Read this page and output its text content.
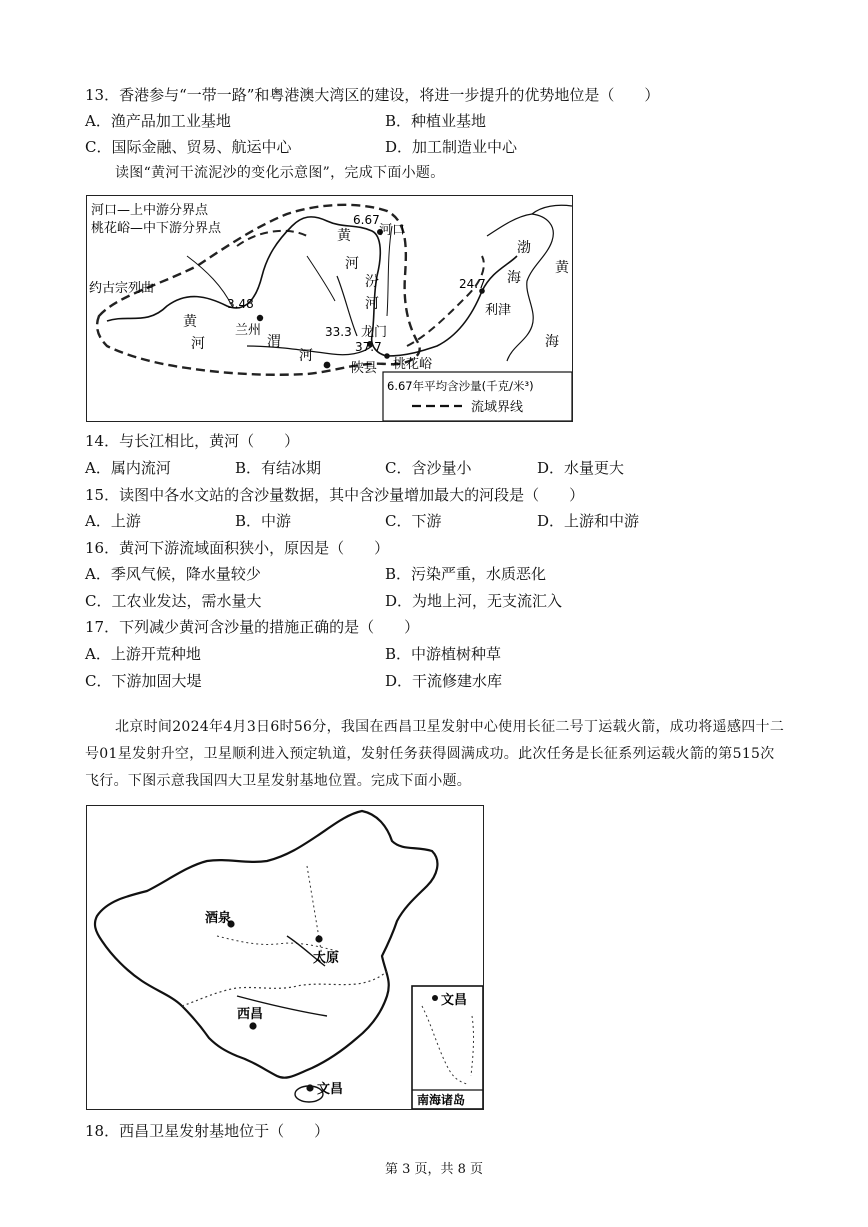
13．香港参与“一带一路”和粤港澳大湾区的建设，将进一步提升的优势地位是（　　）
A．渔产品加工业基地	B．种植业基地
C．国际金融、贸易、航运中心	D．加工制造业中心
读图“黄河干流泥沙的变化示意图”，完成下面小题。
河口—上中游分界点
桃花峪—中下游分界点
约古宗列曲
3.48
兰州
6.67
河口
黄
河
汾
河
33.3 龙门
37.7
渭
河
陕县 桃花峪
黄
河
24.7
利津
渤
海
黄
海
6.67年平均含沙量(千克/米³)
流域界线
14．与长江相比，黄河（　　）
A．属内流河	B．有结冰期	C．含沙量小	D．水量更大
15．读图中各水文站的含沙量数据，其中含沙量增加最大的河段是（　　）
A．上游	B．中游	C．下游	D．上游和中游
16．黄河下游流域面积狭小，原因是（　　）
A．季风气候，降水量较少	B．污染严重，水质恶化
C．工农业发达，需水量大	D．为地上河，无支流汇入
17．下列减少黄河含沙量的措施正确的是（　　）
A．上游开荒种地	B．中游植树种草
C．下游加固大堤	D．干流修建水库
北京时间2024年4月3日6时56分，我国在西昌卫星发射中心使用长征二号丁运载火箭，成功将遥感四十二号01星发射升空，卫星顺利进入预定轨道，发射任务获得圆满成功。此次任务是长征系列运载火箭的第515次飞行。下图示意我国四大卫星发射基地位置。完成下面小题。
酒泉
太原
西昌
文昌
文昌
南海诸岛
18．西昌卫星发射基地位于（　　）
第 3 页，共 8 页
